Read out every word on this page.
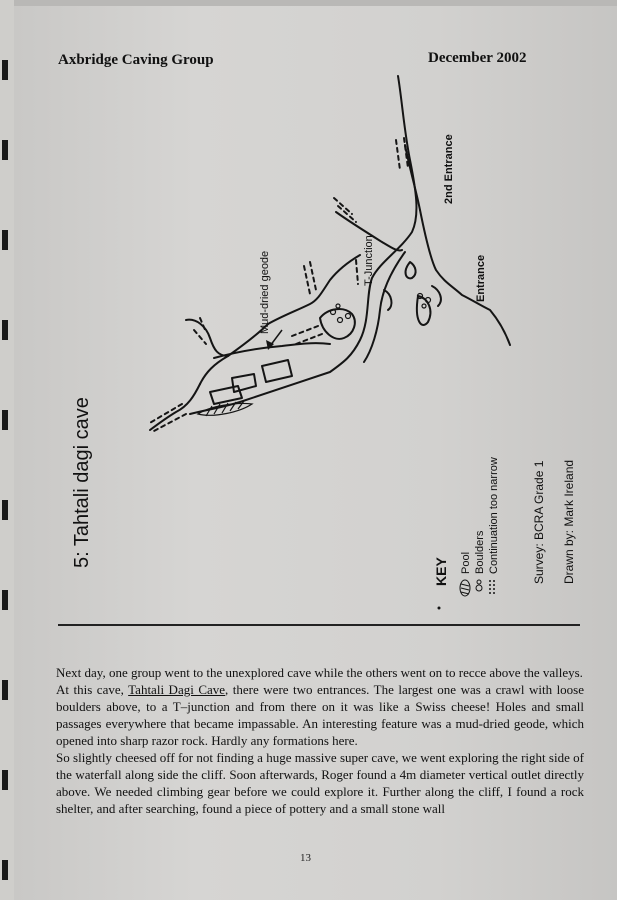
Axbridge Caving Group	December 2002
Mud-dried geode	T-Junction
2nd Entrance
Entrance
5: Tahtali dagi cave
KEY Pool Boulders Continuation too narrow	Survey: BCRA Grade 1 Drawn by: Mark Ireland

Next day, one group went to the unexplored cave while the others went on to recce above the valleys.

At this cave, Tahtali Dagi Cave, there were two entrances. The largest one was a crawl with loose boulders above, to a T–junction and from there on it was like a Swiss cheese! Holes and small passages everywhere that became impassable. An interesting feature was a mud-dried geode, which opened into sharp razor rock. Hardly any formations here.

So slightly cheesed off for not finding a huge massive super cave, we went exploring the right side of the waterfall along side the cliff. Soon afterwards, Roger found a 4m diameter vertical outlet directly above. We needed climbing gear before we could explore it. Further along the cliff, I found a rock shelter, and after searching, found a piece of pottery and a small stone wall

13
